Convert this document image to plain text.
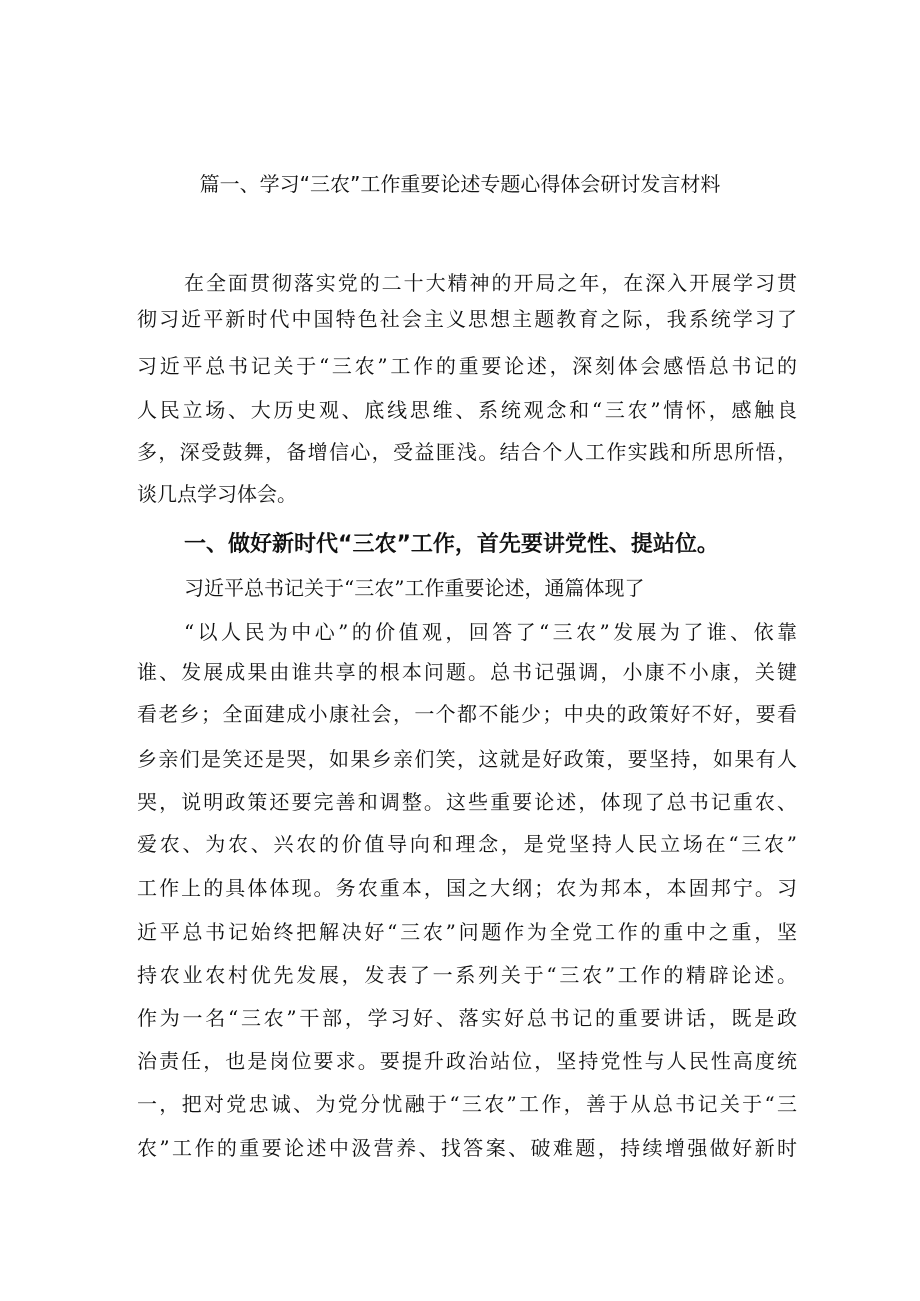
篇一、学习“三农”工作重要论述专题心得体会研讨发言材料
在全面贯彻落实党的二十大精神的开局之年，在深入开展学习贯
彻习近平新时代中国特色社会主义思想主题教育之际，我系统学习了
习近平总书记关于“三农”工作的重要论述，深刻体会感悟总书记的
人民立场、大历史观、底线思维、系统观念和“三农”情怀，感触良
多，深受鼓舞，备增信心，受益匪浅。结合个人工作实践和所思所悟，
谈几点学习体会。
一、做好新时代“三农”工作，首先要讲党性、提站位。
习近平总书记关于“三农”工作重要论述，通篇体现了
“以人民为中心”的价值观，回答了“三农”发展为了谁、依靠
谁、发展成果由谁共享的根本问题。总书记强调，小康不小康，关键
看老乡；全面建成小康社会，一个都不能少；中央的政策好不好，要看
乡亲们是笑还是哭，如果乡亲们笑，这就是好政策，要坚持，如果有人
哭，说明政策还要完善和调整。这些重要论述，体现了总书记重农、
爱农、为农、兴农的价值导向和理念，是党坚持人民立场在“三农”
工作上的具体体现。务农重本，国之大纲；农为邦本，本固邦宁。习
近平总书记始终把解决好“三农”问题作为全党工作的重中之重，坚
持农业农村优先发展，发表了一系列关于“三农”工作的精辟论述。
作为一名“三农”干部，学习好、落实好总书记的重要讲话，既是政
治责任，也是岗位要求。要提升政治站位，坚持党性与人民性高度统
一，把对党忠诚、为党分忧融于“三农”工作，善于从总书记关于“三
农”工作的重要论述中汲营养、找答案、破难题，持续增强做好新时
